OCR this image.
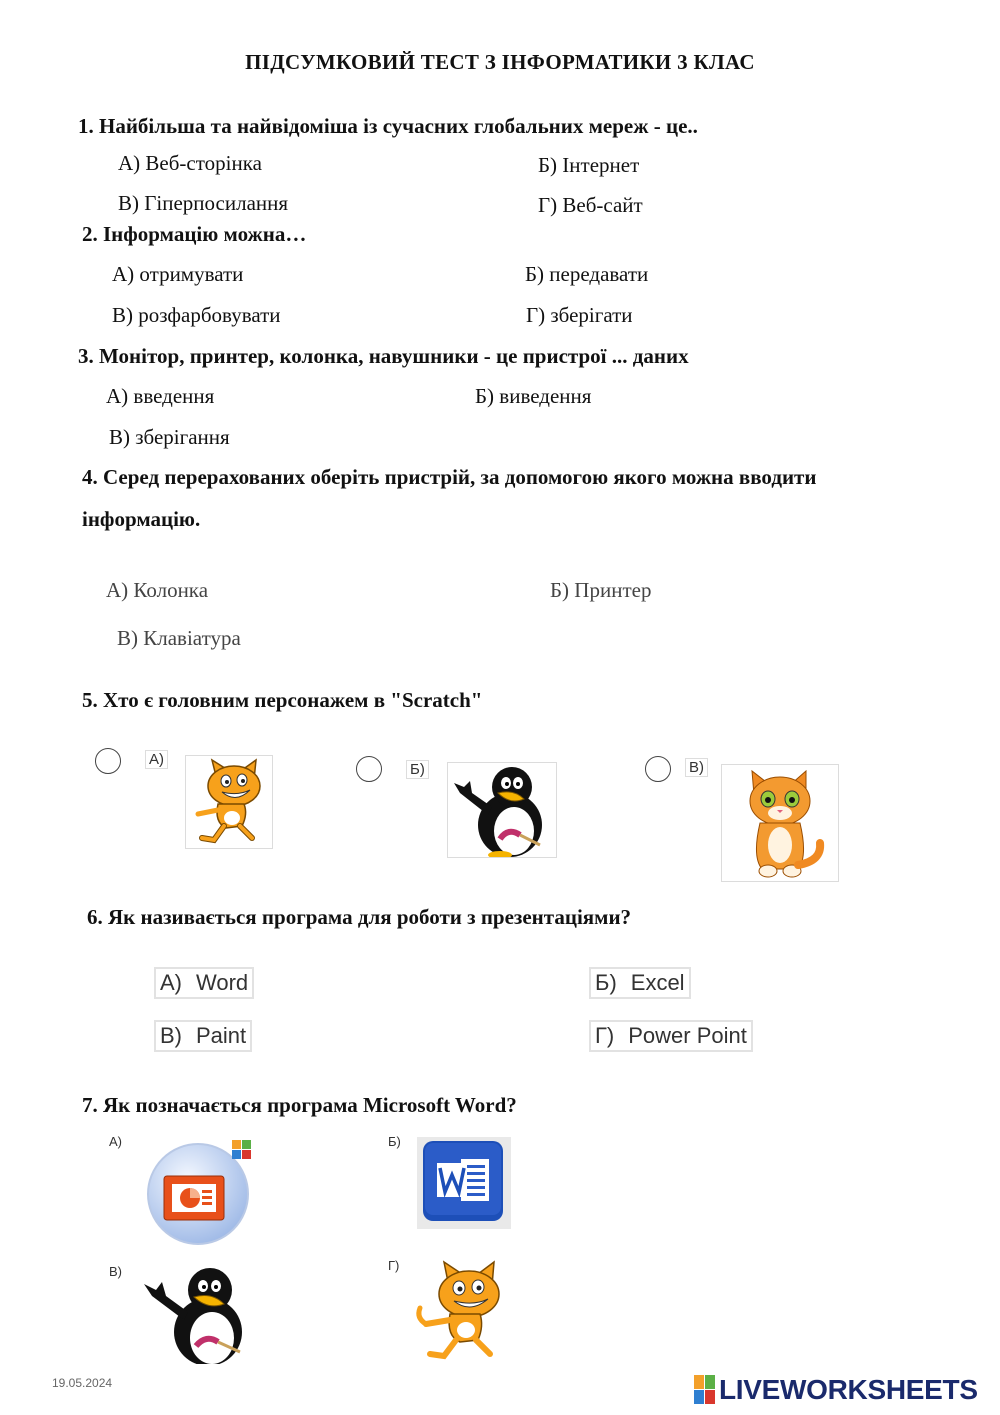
ПІДСУМКОВИЙ ТЕСТ З ІНФОРМАТИКИ 3 КЛАС
1. Найбільша та найвідоміша із сучасних глобальних мереж - це..
А) Веб-сторінка	Б) Інтернет
В) Гіперпосилання	Г) Веб-сайт
2. Інформацію можна…
А) отримувати	Б) передавати
В) розфарбовувати	Г) зберігати
3. Монітор, принтер, колонка, навушники - це пристрої ... даних
А) введення	Б) виведення
В) зберігання
4. Серед перерахованих оберіть пристрій, за допомогою якого можна вводити
інформацію.
А) Колонка	Б) Принтер
В) Клавіатура
5. Хто є головним персонажем в "Scratch"
А)
Б)	В)
6. Як називається програма для роботи з презентаціями?
А) Word	Б) Excel
В) Paint	Г) Power Point
7. Як позначається програма Microsoft Word?
А)	Б)
В)	Г)
19.05.2024	LIVEWORKSHEETS
